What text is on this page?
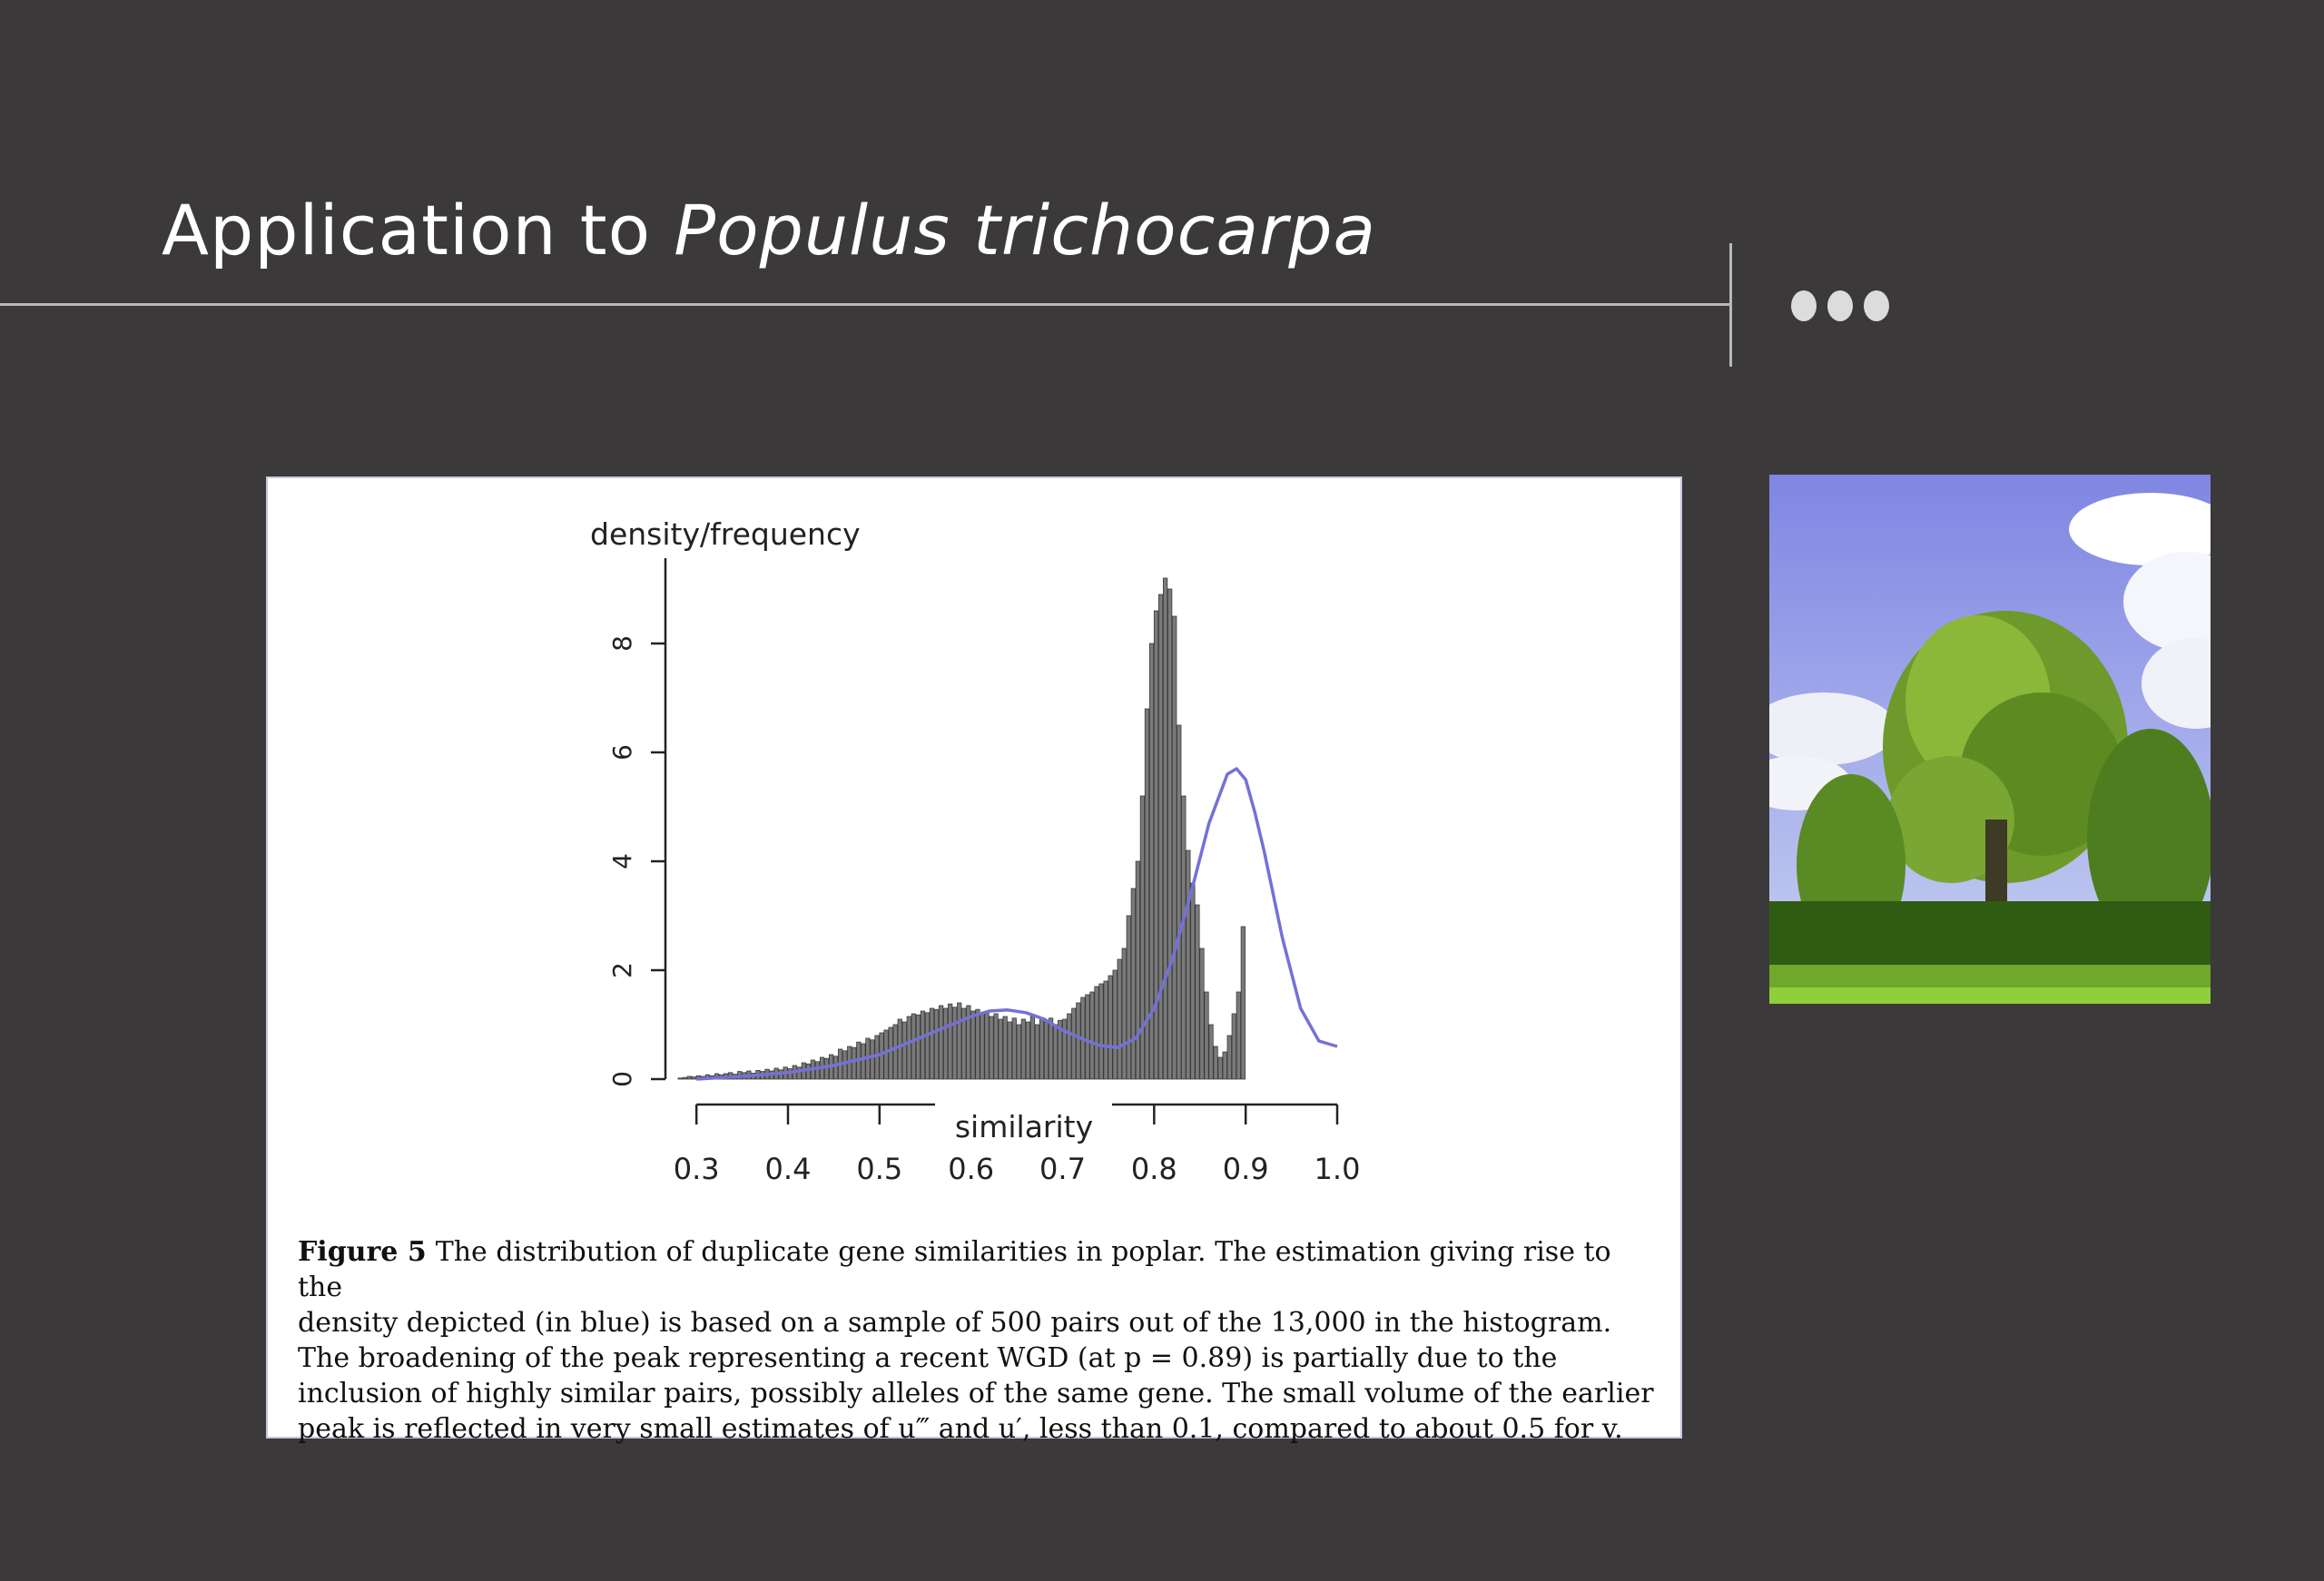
Application to Populus trichocarpa
0
2
4
6
8
density/frequency
similarity
0.3 0.4 0.5 0.6 0.7 0.8 0.9 1.0

Figure 5 The distribution of duplicate gene similarities in poplar. The estimation giving rise to the
density depicted (in blue) is based on a sample of 500 pairs out of the 13,000 in the histogram.
The broadening of the peak representing a recent WGD (at p = 0.89) is partially due to the
inclusion of highly similar pairs, possibly alleles of the same gene. The small volume of the earlier
peak is reflected in very small estimates of u‴ and u′, less than 0.1, compared to about 0.5 for v.
